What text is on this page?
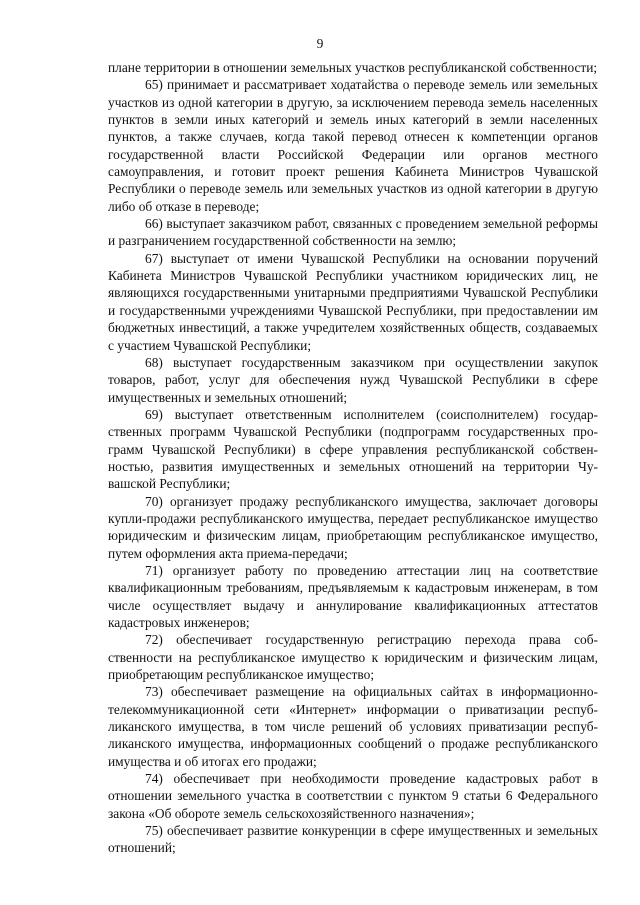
9

плане территории в отношении земельных участков республиканской собственности;

65) принимает и рассматривает ходатайства о переводе земель или земельных участков из одной категории в другую, за исключением перевода земель населенных пунктов в земли иных категорий и земель иных категорий в земли населенных пунктов, а также случаев, когда такой перевод отнесен к компетенции органов государственной власти Российской Федерации или органов местного самоуправления, и готовит проект решения Кабинета Министров Чувашской Республики о переводе земель или земельных участков из одной категории в другую либо об отказе в переводе;

66) выступает заказчиком работ, связанных с проведением земельной реформы и разграничением государственной собственности на землю;

67) выступает от имени Чувашской Республики на основании поручений Кабинета Министров Чувашской Республики участником юридических лиц, не являющихся государственными унитарными предприятиями Чувашской Республики и государственными учреждениями Чувашской Республики, при предоставлении им бюджетных инвестиций, а также учредителем хозяйственных обществ, создаваемых с участием Чувашской Республики;

68) выступает государственным заказчиком при осуществлении закупок товаров, работ, услуг для обеспечения нужд Чувашской Республики в сфере имущественных и земельных отношений;

69) выступает ответственным исполнителем (соисполнителем) государственных программ Чувашской Республики (подпрограмм государственных программ Чувашской Республики) в сфере управления республиканской собственностью, развития имущественных и земельных отношений на территории Чувашской Республики;

70) организует продажу республиканского имущества, заключает договоры купли-продажи республиканского имущества, передает республиканское имущество юридическим и физическим лицам, приобретающим республиканское имущество, путем оформления акта приема-передачи;

71) организует работу по проведению аттестации лиц на соответствие квалификационным требованиям, предъявляемым к кадастровым инженерам, в том числе осуществляет выдачу и аннулирование квалификационных аттестатов кадастровых инженеров;

72) обеспечивает государственную регистрацию перехода права собственности на республиканское имущество к юридическим и физическим лицам, приобретающим республиканское имущество;

73) обеспечивает размещение на официальных сайтах в информационно-телекоммуникационной сети «Интернет» информации о приватизации республиканского имущества, в том числе решений об условиях приватизации республиканского имущества, информационных сообщений о продаже республиканского имущества и об итогах его продажи;

74) обеспечивает при необходимости проведение кадастровых работ в отношении земельного участка в соответствии с пунктом 9 статьи 6 Федерального закона «Об обороте земель сельскохозяйственного назначения»;

75) обеспечивает развитие конкуренции в сфере имущественных и земельных отношений;
